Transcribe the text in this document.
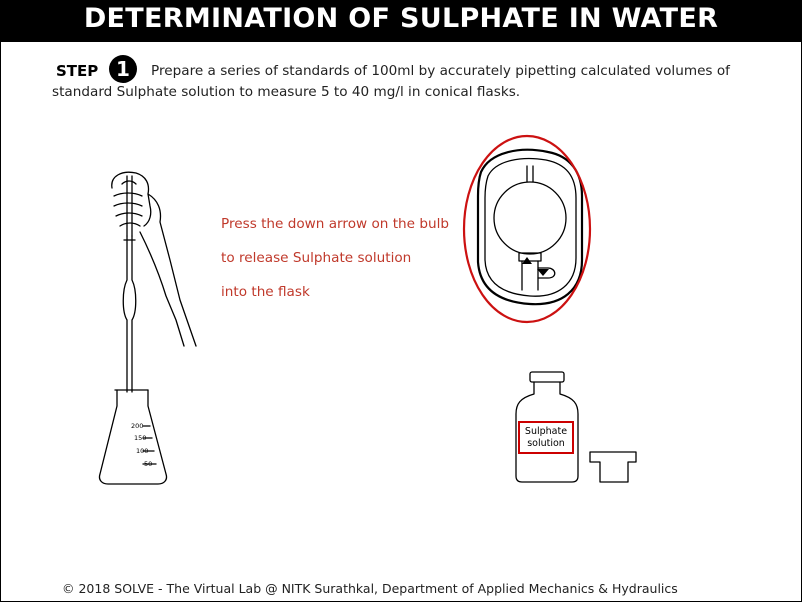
DETERMINATION OF SULPHATE IN WATER
STEP 1	Prepare a series of standards of 100ml by accurately pipetting calculated volumes of
standard Sulphate solution to measure 5 to 40 mg/l in conical flasks.
Press the down arrow on the bulb
to release Sulphate solution
into the flask
200
150
100
50
Sulphate
solution
© 2018 SOLVE - The Virtual Lab @ NITK Surathkal, Department of Applied Mechanics & Hydraulics
